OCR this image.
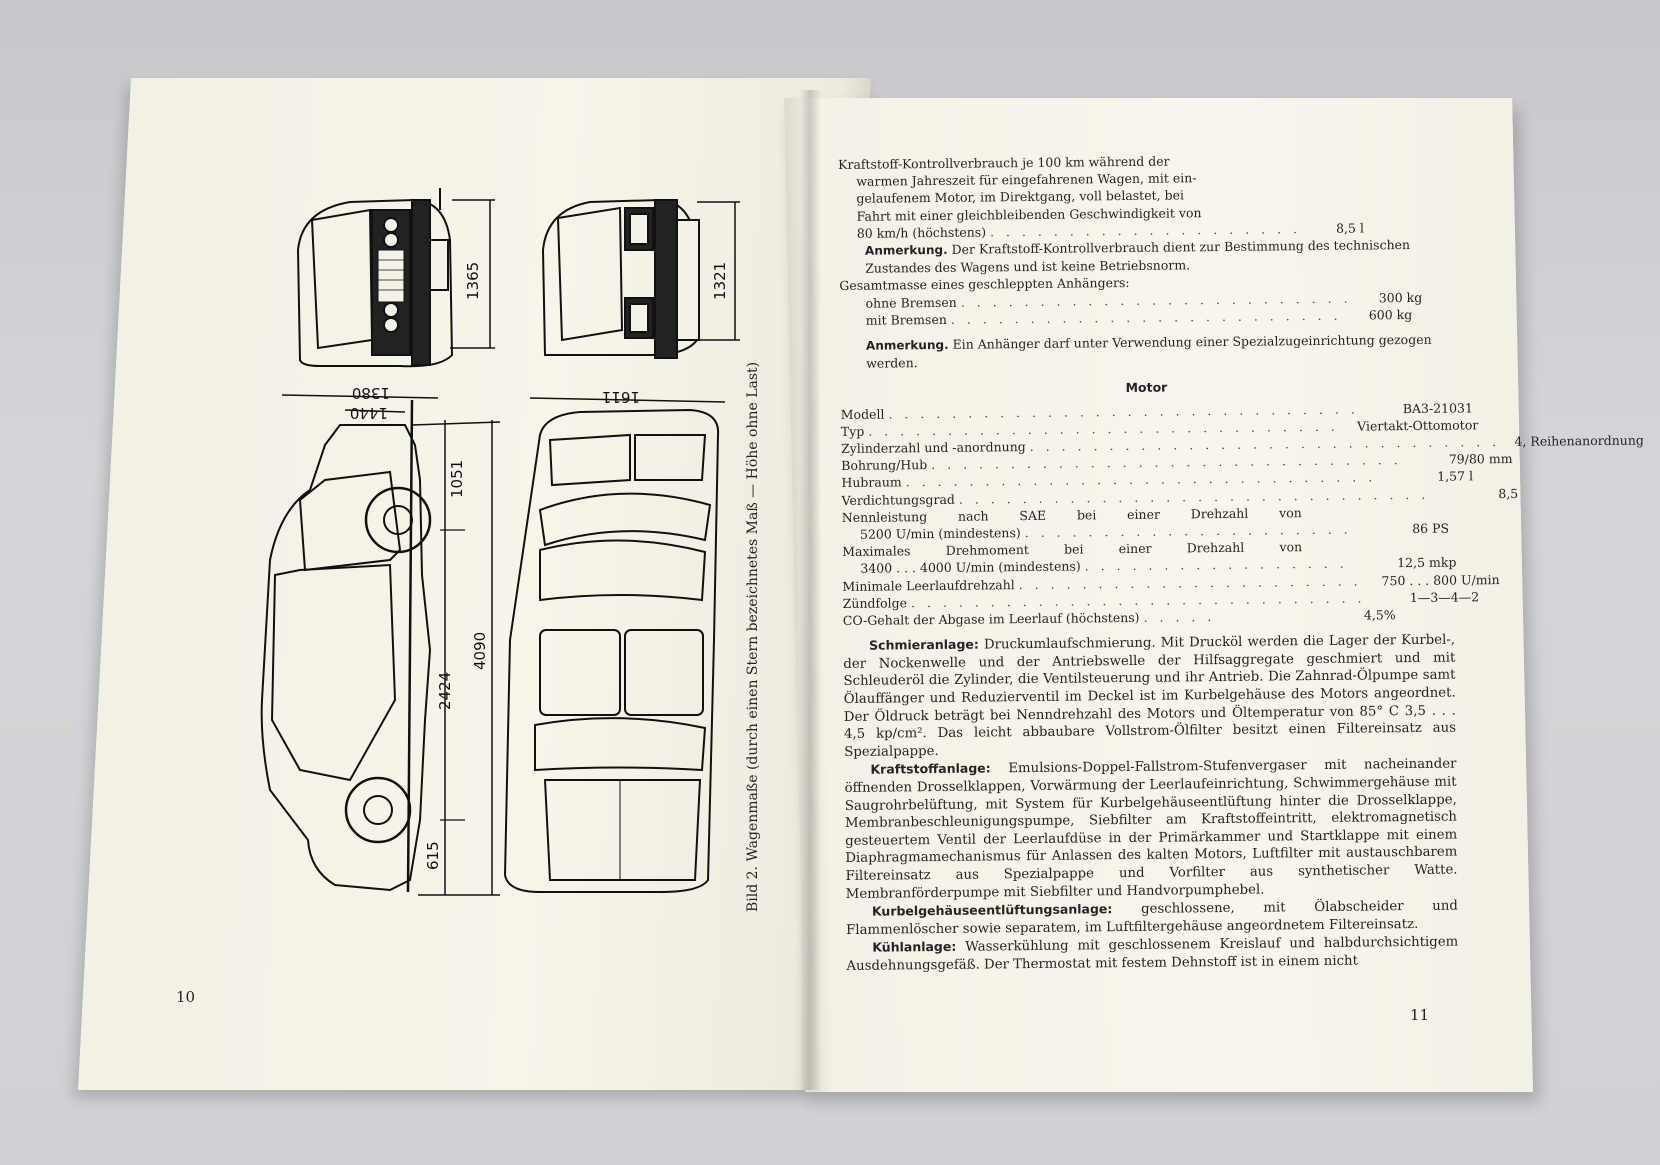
1365	1321
1380
1440
1611
1051
4090
2424
615	Bild 2. Wagenmaße (durch einen Stern bezeichnetes Maß — Höhe ohne Last)
10
11
Kraftstoff-Kontrollverbrauch je 100 km während der
warmen Jahreszeit für eingefahrenen Wagen, mit ein-
gelaufenem Motor, im Direktgang, voll belastet, bei
Fahrt mit einer gleichbleibenden Geschwindigkeit von
80 km/h (höchstens) . . . . . . . . . . . . . . . . . . . .	8,5 l
Anmerkung. Der Kraftstoff-Kontrollverbrauch dient zur Bestimmung des technischen Zustandes des Wagens und ist keine Betriebsnorm.
Gesamtmasse eines geschleppten Anhängers:
ohne Bremsen . . . . . . . . . . . . . . . . . . . . . . . . .	300 kg
mit Bremsen . . . . . . . . . . . . . . . . . . . . . . . . .	600 kg
Anmerkung. Ein Anhänger darf unter Verwendung einer Spezialzugeinrichtung gezogen werden.
Motor
Modell . . . . . . . . . . . . . . . . . . . . . . . . . . . . . .	BA3-21031
Typ . . . . . . . . . . . . . . . . . . . . . . . . . . . . . .	Viertakt-Ottomotor
Zylinderzahl und -anordnung . . . . . . . . . . . . . . . . . . . . . . . . . . . . . .	4, Reihenanordnung
Bohrung/Hub . . . . . . . . . . . . . . . . . . . . . . . . . . . . . .	79/80 mm
Hubraum . . . . . . . . . . . . . . . . . . . . . . . . . . . . . .	1,57 l
Verdichtungsgrad . . . . . . . . . . . . . . . . . . . . . . . . . . . . . .	8,5
Nennleistung nach SAE bei einer Drehzahl von
5200 U/min (mindestens) . . . . . . . . . . . . . . . . . . . . .	86 PS
Maximales Drehmoment bei einer Drehzahl von
3400 . . . 4000 U/min (mindestens) . . . . . . . . . . . . . . . . .	12,5 mkp
Minimale Leerlaufdrehzahl . . . . . . . . . . . . . . . . . . . . . .	750 . . . 800 U/min
Zündfolge . . . . . . . . . . . . . . . . . . . . . . . . . . . . .	1—3—4—2
CO-Gehalt der Abgase im Leerlauf (höchstens) . . . . .	4,5%

Schmieranlage: Druckumlaufschmierung. Mit Drucköl werden die Lager der Kurbel-, der Nockenwelle und der Antriebswelle der Hilfsaggregate geschmiert und mit Schleuderöl die Zylinder, die Ventilsteuerung und ihr Antrieb. Die Zahnrad-Ölpumpe samt Ölauffänger und Reduzierventil im Deckel ist im Kurbelgehäuse des Motors angeordnet. Der Öldruck beträgt bei Nenndrehzahl des Motors und Öltemperatur von 85° C 3,5 . . . 4,5 kp/cm². Das leicht abbaubare Vollstrom-Ölfilter besitzt einen Filtereinsatz aus Spezialpappe.

Kraftstoffanlage: Emulsions-Doppel-Fallstrom-Stufenvergaser mit nacheinander öffnenden Drosselklappen, Vorwärmung der Leerlaufeinrichtung, Schwimmergehäuse mit Saugrohrbelüftung, mit System für Kurbelgehäuseentlüftung hinter die Drosselklappe, Membranbeschleunigungspumpe, Siebfilter am Kraftstoffeintritt, elektromagnetisch gesteuertem Ventil der Leerlaufdüse in der Primärkammer und Startklappe mit einem Diaphragmamechanismus für Anlassen des kalten Motors, Luftfilter mit austauschbarem Filtereinsatz aus Spezialpappe und Vorfilter aus synthetischer Watte. Membranförderpumpe mit Siebfilter und Handvorpumphebel.

Kurbelgehäuseentlüftungsanlage: geschlossene, mit Ölabscheider und Flammenlöscher sowie separatem, im Luftfiltergehäuse angeordnetem Filtereinsatz.

Kühlanlage: Wasserkühlung mit geschlossenem Kreislauf und halbdurchsichtigem Ausdehnungsgefäß. Der Thermostat mit festem Dehnstoff ist in einem nicht
